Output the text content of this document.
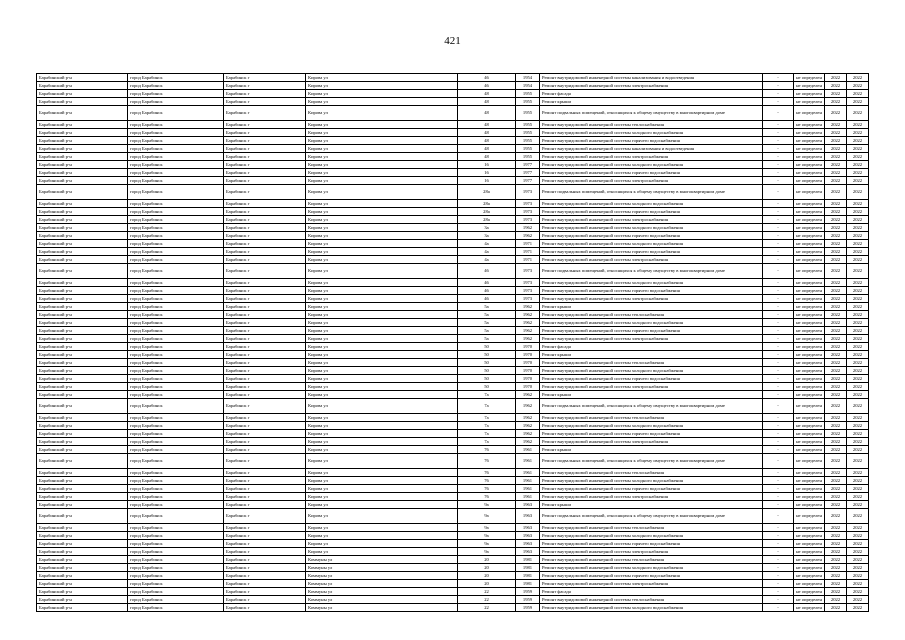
421
Барабинский р-н	город Барабинск	Барабинск г	Кирова ул	46	1954	Ремонт внутридомовой инженерной системы канализования и водоотведения	-	не определен	2022	2022
Барабинский р-н	город Барабинск	Барабинск г	Кирова ул	46	1954	Ремонт внутридомовой инженерной системы электроснабжения	-	не определен	2022	2022
Барабинский р-н	город Барабинск	Барабинск г	Кирова ул	48	1955	Ремонт фасада	-	не определен	2022	2022
Барабинский р-н	город Барабинск	Барабинск г	Кирова ул	48	1955	Ремонт крыши	-	не определен	2022	2022
Барабинский р-н	город Барабинск	Барабинск г	Кирова ул	48	1955	Ремонт подвальных помещений, относящихся к общему имуществу в многоквартирном доме	-	не определен	2022	2022
Барабинский р-н	город Барабинск	Барабинск г	Кирова ул	48	1955	Ремонт внутридомовой инженерной системы теплоснабжения	-	не определен	2022	2022
Барабинский р-н	город Барабинск	Барабинск г	Кирова ул	48	1955	Ремонт внутридомовой инженерной системы холодного водоснабжения	-	не определен	2022	2022
Барабинский р-н	город Барабинск	Барабинск г	Кирова ул	48	1955	Ремонт внутридомовой инженерной системы горячего водоснабжения	-	не определен	2022	2022
Барабинский р-н	город Барабинск	Барабинск г	Кирова ул	48	1955	Ремонт внутридомовой инженерной системы канализования и водоотведения	-	не определен	2022	2022
Барабинский р-н	город Барабинск	Барабинск г	Кирова ул	48	1955	Ремонт внутридомовой инженерной системы электроснабжения	-	не определен	2022	2022
Барабинский р-н	город Барабинск	Барабинск г	Кирова ул	16	1977	Ремонт внутридомовой инженерной системы холодного водоснабжения	-	не определен	2022	2022
Барабинский р-н	город Барабинск	Барабинск г	Кирова ул	16	1977	Ремонт внутридомовой инженерной системы горячего водоснабжения	-	не определен	2022	2022
Барабинский р-н	город Барабинск	Барабинск г	Кирова ул	16	1977	Ремонт внутридомовой инженерной системы электроснабжения	-	не определен	2022	2022
Барабинский р-н	город Барабинск	Барабинск г	Кирова ул	28а	1973	Ремонт подвальных помещений, относящихся к общему имуществу в многоквартирном доме	-	не определен	2022	2022
Барабинский р-н	город Барабинск	Барабинск г	Кирова ул	28а	1973	Ремонт внутридомовой инженерной системы холодного водоснабжения	-	не определен	2022	2022
Барабинский р-н	город Барабинск	Барабинск г	Кирова ул	28а	1973	Ремонт внутридомовой инженерной системы горячего водоснабжения	-	не определен	2022	2022
Барабинский р-н	город Барабинск	Барабинск г	Кирова ул	28а	1973	Ремонт внутридомовой инженерной системы электроснабжения	-	не определен	2022	2022
Барабинский р-н	город Барабинск	Барабинск г	Кирова ул	3а	1962	Ремонт внутридомовой инженерной системы холодного водоснабжения	-	не определен	2022	2022
Барабинский р-н	город Барабинск	Барабинск г	Кирова ул	3а	1962	Ремонт внутридомовой инженерной системы горячего водоснабжения	-	не определен	2022	2022
Барабинский р-н	город Барабинск	Барабинск г	Кирова ул	4а	1971	Ремонт внутридомовой инженерной системы холодного водоснабжения	-	не определен	2022	2022
Барабинский р-н	город Барабинск	Барабинск г	Кирова ул	4а	1971	Ремонт внутридомовой инженерной системы горячего водоснабжения	-	не определен	2022	2022
Барабинский р-н	город Барабинск	Барабинск г	Кирова ул	4а	1971	Ремонт внутридомовой инженерной системы электроснабжения	-	не определен	2022	2022
Барабинский р-н	город Барабинск	Барабинск г	Кирова ул	46	1973	Ремонт подвальных помещений, относящихся к общему имуществу в многоквартирном доме	-	не определен	2022	2022
Барабинский р-н	город Барабинск	Барабинск г	Кирова ул	46	1973	Ремонт внутридомовой инженерной системы холодного водоснабжения	-	не определен	2022	2022
Барабинский р-н	город Барабинск	Барабинск г	Кирова ул	46	1973	Ремонт внутридомовой инженерной системы горячего водоснабжения	-	не определен	2022	2022
Барабинский р-н	город Барабинск	Барабинск г	Кирова ул	46	1973	Ремонт внутридомовой инженерной системы электроснабжения	-	не определен	2022	2022
Барабинский р-н	город Барабинск	Барабинск г	Кирова ул	5а	1962	Ремонт крыши	-	не определен	2022	2022
Барабинский р-н	город Барабинск	Барабинск г	Кирова ул	5а	1962	Ремонт внутридомовой инженерной системы теплоснабжения	-	не определен	2022	2022
Барабинский р-н	город Барабинск	Барабинск г	Кирова ул	5а	1962	Ремонт внутридомовой инженерной системы холодного водоснабжения	-	не определен	2022	2022
Барабинский р-н	город Барабинск	Барабинск г	Кирова ул	5а	1962	Ремонт внутридомовой инженерной системы горячего водоснабжения	-	не определен	2022	2022
Барабинский р-н	город Барабинск	Барабинск г	Кирова ул	5а	1962	Ремонт внутридомовой инженерной системы электроснабжения	-	не определен	2022	2022
Барабинский р-н	город Барабинск	Барабинск г	Кирова ул	50	1970	Ремонт фасада	-	не определен	2022	2022
Барабинский р-н	город Барабинск	Барабинск г	Кирова ул	50	1970	Ремонт крыши	-	не определен	2022	2022
Барабинский р-н	город Барабинск	Барабинск г	Кирова ул	50	1970	Ремонт внутридомовой инженерной системы теплоснабжения	-	не определен	2022	2022
Барабинский р-н	город Барабинск	Барабинск г	Кирова ул	50	1970	Ремонт внутридомовой инженерной системы холодного водоснабжения	-	не определен	2022	2022
Барабинский р-н	город Барабинск	Барабинск г	Кирова ул	50	1970	Ремонт внутридомовой инженерной системы горячего водоснабжения	-	не определен	2022	2022
Барабинский р-н	город Барабинск	Барабинск г	Кирова ул	50	1970	Ремонт внутридомовой инженерной системы электроснабжения	-	не определен	2022	2022
Барабинский р-н	город Барабинск	Барабинск г	Кирова ул	7а	1962	Ремонт крыши	-	не определен	2022	2022
Барабинский р-н	город Барабинск	Барабинск г	Кирова ул	7а	1962	Ремонт подвальных помещений, относящихся к общему имуществу в многоквартирном доме	-	не определен	2022	2022
Барабинский р-н	город Барабинск	Барабинск г	Кирова ул	7а	1962	Ремонт внутридомовой инженерной системы теплоснабжения	-	не определен	2022	2022
Барабинский р-н	город Барабинск	Барабинск г	Кирова ул	7а	1962	Ремонт внутридомовой инженерной системы холодного водоснабжения	-	не определен	2022	2022
Барабинский р-н	город Барабинск	Барабинск г	Кирова ул	7а	1962	Ремонт внутридомовой инженерной системы горячего водоснабжения	-	не определен	2022	2022
Барабинский р-н	город Барабинск	Барабинск г	Кирова ул	7а	1962	Ремонт внутридомовой инженерной системы электроснабжения	-	не определен	2022	2022
Барабинский р-н	город Барабинск	Барабинск г	Кирова ул	76	1961	Ремонт крыши	-	не определен	2022	2022
Барабинский р-н	город Барабинск	Барабинск г	Кирова ул	76	1961	Ремонт подвальных помещений, относящихся к общему имуществу в многоквартирном доме	-	не определен	2022	2022
Барабинский р-н	город Барабинск	Барабинск г	Кирова ул	76	1961	Ремонт внутридомовой инженерной системы теплоснабжения	-	не определен	2022	2022
Барабинский р-н	город Барабинск	Барабинск г	Кирова ул	76	1961	Ремонт внутридомовой инженерной системы холодного водоснабжения	-	не определен	2022	2022
Барабинский р-н	город Барабинск	Барабинск г	Кирова ул	76	1961	Ремонт внутридомовой инженерной системы горячего водоснабжения	-	не определен	2022	2022
Барабинский р-н	город Барабинск	Барабинск г	Кирова ул	76	1961	Ремонт внутридомовой инженерной системы электроснабжения	-	не определен	2022	2022
Барабинский р-н	город Барабинск	Барабинск г	Кирова ул	9а	1963	Ремонт крыши	-	не определен	2022	2022
Барабинский р-н	город Барабинск	Барабинск г	Кирова ул	9а	1963	Ремонт подвальных помещений, относящихся к общему имуществу в многоквартирном доме	-	не определен	2022	2022
Барабинский р-н	город Барабинск	Барабинск г	Кирова ул	9а	1963	Ремонт внутридомовой инженерной системы теплоснабжения	-	не определен	2022	2022
Барабинский р-н	город Барабинск	Барабинск г	Кирова ул	9а	1963	Ремонт внутридомовой инженерной системы холодного водоснабжения	-	не определен	2022	2022
Барабинский р-н	город Барабинск	Барабинск г	Кирова ул	9а	1963	Ремонт внутридомовой инженерной системы горячего водоснабжения	-	не определен	2022	2022
Барабинский р-н	город Барабинск	Барабинск г	Кирова ул	9а	1963	Ремонт внутридомовой инженерной системы электроснабжения	-	не определен	2022	2022
Барабинский р-н	город Барабинск	Барабинск г	Коммуны ул	20	1981	Ремонт внутридомовой инженерной системы теплоснабжения	-	не определен	2022	2022
Барабинский р-н	город Барабинск	Барабинск г	Коммуны ул	20	1981	Ремонт внутридомовой инженерной системы холодного водоснабжения	-	не определен	2022	2022
Барабинский р-н	город Барабинск	Барабинск г	Коммуны ул	20	1981	Ремонт внутридомовой инженерной системы горячего водоснабжения	-	не определен	2022	2022
Барабинский р-н	город Барабинск	Барабинск г	Коммуны ул	20	1981	Ремонт внутридомовой инженерной системы электроснабжения	-	не определен	2022	2022
Барабинский р-н	город Барабинск	Барабинск г	Коммуны ул	22	1959	Ремонт фасада	-	не определен	2022	2022
Барабинский р-н	город Барабинск	Барабинск г	Коммуны ул	22	1959	Ремонт внутридомовой инженерной системы теплоснабжения	-	не определен	2022	2022
Барабинский р-н	город Барабинск	Барабинск г	Коммуны ул	22	1959	Ремонт внутридомовой инженерной системы холодного водоснабжения	-	не определен	2022	2022
